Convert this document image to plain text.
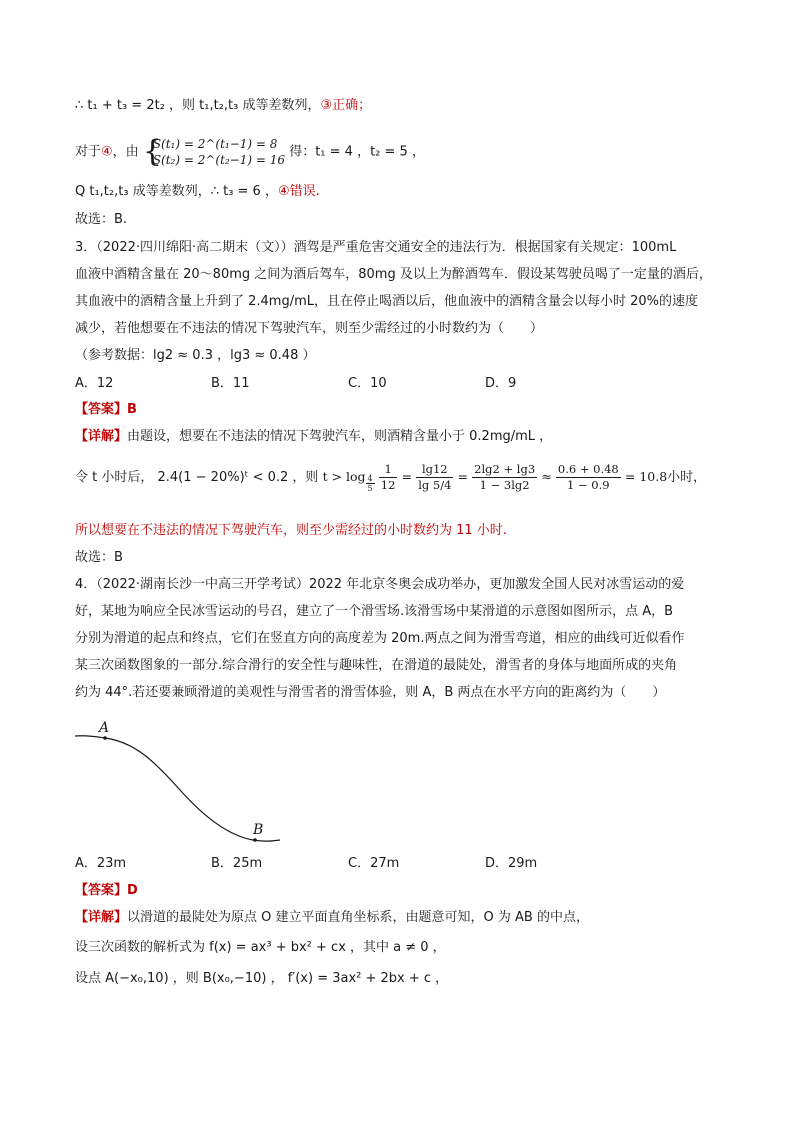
∴ t₁ + t₃ = 2t₂ ，则 t₁,t₂,t₃ 成等差数列，③正确；
对于④，由 {
S(t₁) = 2^(t₁−1) = 8
S(t₂) = 2^(t₂−1) = 16
得：t₁ = 4 ，t₂ = 5 ，
Q t₁,t₂,t₃ 成等差数列，∴ t₃ = 6 ，④错误.
故选：B.
3．（2022·四川绵阳·高二期末（文））酒驾是严重危害交通安全的违法行为．根据国家有关规定：100mL
血液中酒精含量在 20～80mg 之间为酒后驾车，80mg 及以上为醉酒驾车．假设某驾驶员喝了一定量的酒后，
其血液中的酒精含量上升到了 2.4mg/mL，且在停止喝酒以后，他血液中的酒精含量会以每小时 20%的速度
减少，若他想要在不违法的情况下驾驶汽车，则至少需经过的小时数约为（　　）
（参考数据：lg2 ≈ 0.3 ，lg3 ≈ 0.48 ）
A．12	B．11	C．10	D．9
【答案】B
【详解】由题设，想要在不违法的情况下驾驶汽车，则酒精含量小于 0.2mg/mL ，
令 t 小时后， 2.4(1 − 20%)ᵗ < 0.2 ，则 $t > \log \frac{4}{5}$
$\frac{1}{12} = \frac{\lg 12}{\lg 5/4} = \frac{2\lg 2 + \lg 3}{1 - 3\lg 2} \approx \frac{0.6 + 0.48}{1 - 0.9} = 10.8$小时，
所以想要在不违法的情况下驾驶汽车，则至少需经过的小时数约为 11 小时.
故选：B
4．（2022·湖南长沙一中高三开学考试）2022 年北京冬奥会成功举办，更加激发全国人民对冰雪运动的爱
好，某地为响应全民冰雪运动的号召，建立了一个滑雪场.该滑雪场中某滑道的示意图如图所示，点 A，B
分别为滑道的起点和终点，它们在竖直方向的高度差为 20m.两点之间为滑雪弯道，相应的曲线可近似看作
某三次函数图象的一部分.综合滑行的安全性与趣味性，在滑道的最陡处，滑雪者的身体与地面所成的夹角
约为 44°.若还要兼顾滑道的美观性与滑雪者的滑雪体验，则 A，B 两点在水平方向的距离约为（　　）
A
B
A．23m	B．25m	C．27m	D．29m
【答案】D
【详解】以滑道的最陡处为原点 O 建立平面直角坐标系，由题意可知，O 为 AB 的中点，
设三次函数的解析式为 f(x) = ax³ + bx² + cx ，其中 a ≠ 0 ，
设点 A(−x₀,10) ，则 B(x₀,−10) ， f′(x) = 3ax² + 2bx + c ，
